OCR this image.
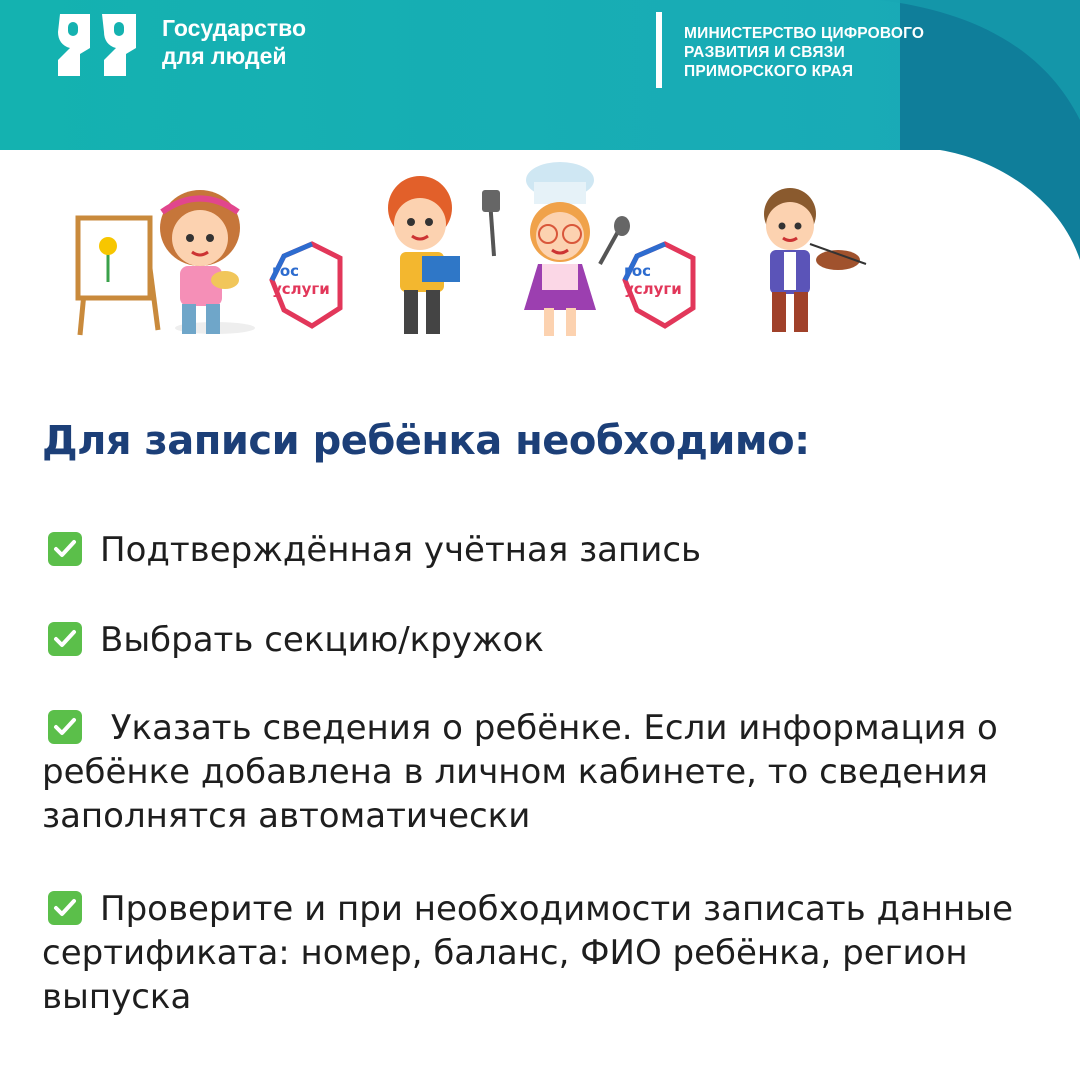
Государство
для людей
МИНИСТЕРСТВО ЦИФРОВОГО
РАЗВИТИЯ И СВЯЗИ
ПРИМОРСКОГО КРАЯ
гос
услуги
гос
услуги
Для записи ребёнка необходимо:
Подтверждённая учётная запись
Выбрать секцию/кружок
Указать сведения о ребёнке. Если информация о ребёнке добавлена в личном кабинете, то сведения заполнятся автоматически
Проверите и при необходимости записать данные сертификата: номер, баланс, ФИО ребёнка, регион выпуска
